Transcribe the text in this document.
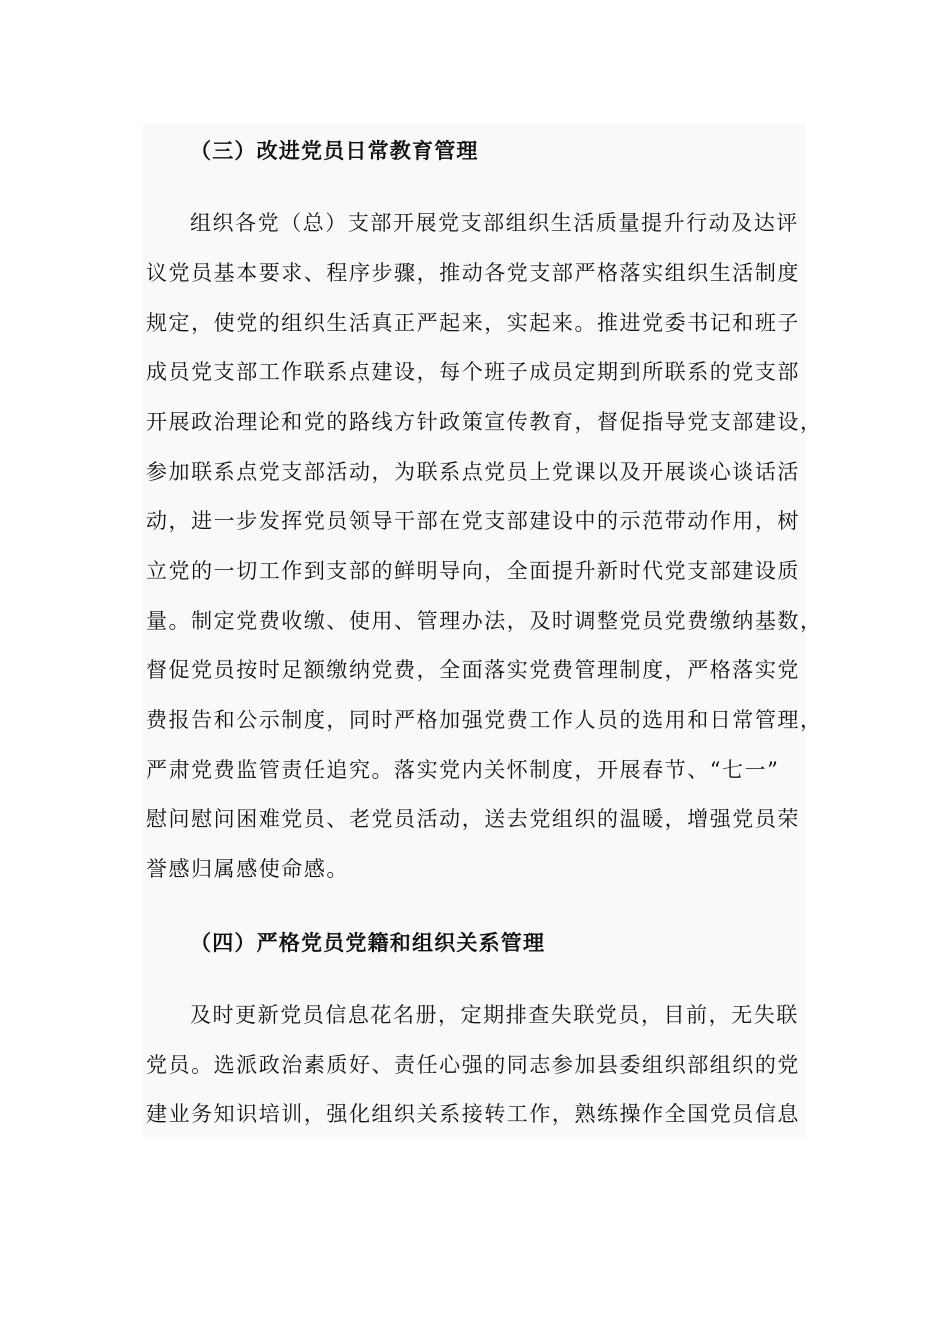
（三）改进党员日常教育管理
组织各党（总）支部开展党支部组织生活质量提升行动及达评
议党员基本要求、程序步骤，推动各党支部严格落实组织生活制度
规定，使党的组织生活真正严起来，实起来。推进党委书记和班子
成员党支部工作联系点建设，每个班子成员定期到所联系的党支部
开展政治理论和党的路线方针政策宣传教育，督促指导党支部建设，
参加联系点党支部活动，为联系点党员上党课以及开展谈心谈话活
动，进一步发挥党员领导干部在党支部建设中的示范带动作用，树
立党的一切工作到支部的鲜明导向，全面提升新时代党支部建设质
量。制定党费收缴、使用、管理办法，及时调整党员党费缴纳基数，
督促党员按时足额缴纳党费，全面落实党费管理制度，严格落实党
费报告和公示制度，同时严格加强党费工作人员的选用和日常管理，
严肃党费监管责任追究。落实党内关怀制度，开展春节、“七一”
慰问慰问困难党员、老党员活动，送去党组织的温暖，增强党员荣
誉感归属感使命感。
（四）严格党员党籍和组织关系管理
及时更新党员信息花名册，定期排查失联党员，目前，无失联
党员。选派政治素质好、责任心强的同志参加县委组织部组织的党
建业务知识培训，强化组织关系接转工作，熟练操作全国党员信息
